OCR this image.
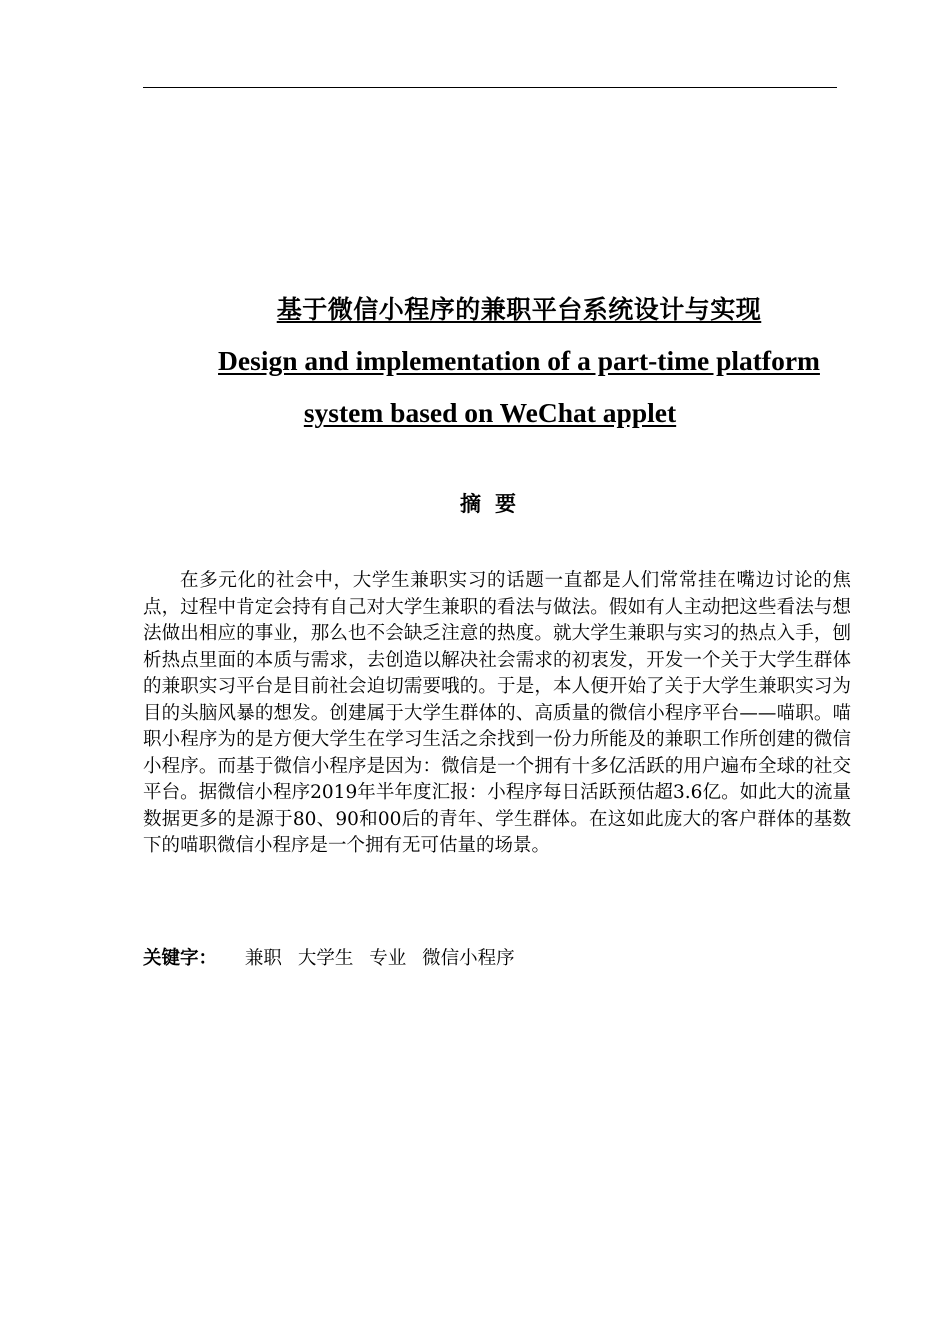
基于微信小程序的兼职平台系统设计与实现
Design and implementation of a part-time platform
system based on WeChat applet
摘要

在多元化的社会中，大学生兼职实习的话题一直都是人们常常挂在嘴边讨论的焦点，过程中肯定会持有自己对大学生兼职的看法与做法。假如有人主动把这些看法与想法做出相应的事业，那么也不会缺乏注意的热度。就大学生兼职与实习的热点入手，刨析热点里面的本质与需求，去创造以解决社会需求的初衷发，开发一个关于大学生群体的兼职实习平台是目前社会迫切需要哦的。于是，本人便开始了关于大学生兼职实习为目的头脑风暴的想发。创建属于大学生群体的、高质量的微信小程序平台——喵职。喵职小程序为的是方便大学生在学习生活之余找到一份力所能及的兼职工作所创建的微信小程序。而基于微信小程序是因为：微信是一个拥有十多亿活跃的用户遍布全球的社交平台。据微信小程序2019年半年度汇报：小程序每日活跃预估超3.6亿。如此大的流量数据更多的是源于80、90和00后的青年、学生群体。在这如此庞大的客户群体的基数下的喵职微信小程序是一个拥有无可估量的场景。

关键字： 兼职 大学生 专业 微信小程序
